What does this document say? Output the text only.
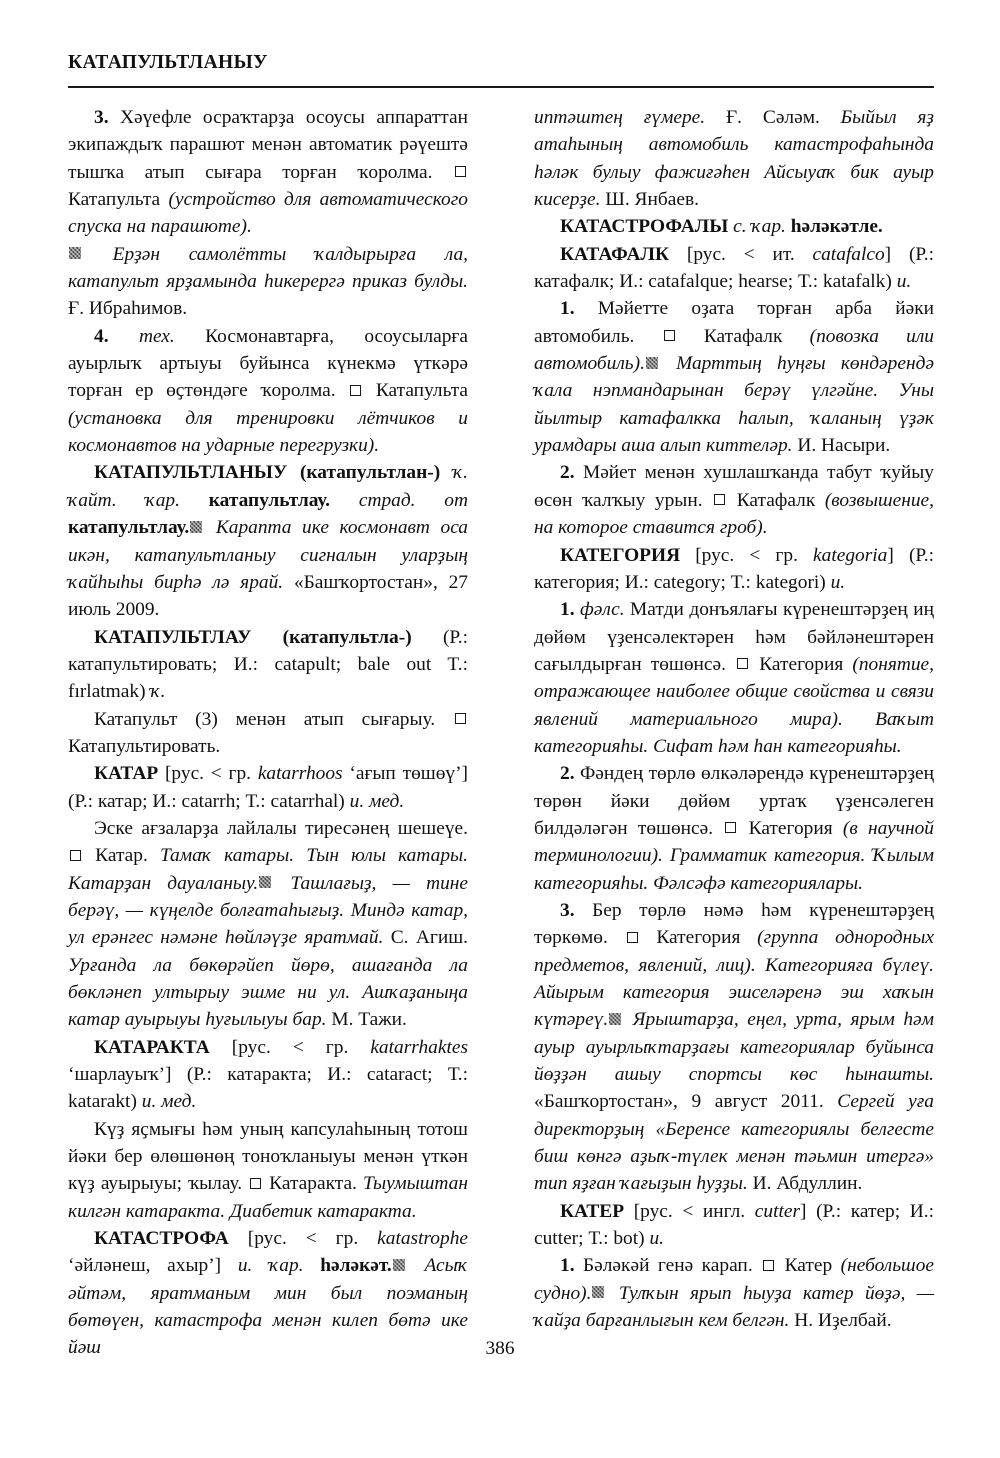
КАТАПУЛЬТЛАНЫУ

3. Хәүефле осраҡтарҙа осоусы аппараттан экипаждыҡ парашют менән автоматик рәүештә тышҡа атып сығара торған ҡоролма.  Катапульта (устройство для автоматического спуска на парашюте).
Ерҙән самолётты ҡалдырырға ла, катапульт ярҙамында һикерергә приказ булды. Ғ. Ибраһимов.

4. тех. Космонавтарға, осоусыларға ауырлыҡ артыуы буйынса күнекмә үткәрә торған ер өҫтөндәге ҡоролма.  Катапульта (установка для тренировки лётчиков и космонавтов на ударные перегрузки).

КАТАПУЛЬТЛАНЫУ (катапультлан-) ҡ. ҡайт. ҡар. катапультлау. страд. от катапультлау. Карапта ике космонавт оса икән, катапультланыу сигналын уларҙың ҡайһыһы бирһә лә ярай. «Башҡортостан», 27 июль 2009.

КАТАПУЛЬТЛАУ (катапультла-) (Р.: катапультировать; И.: catapult; bale out T.: fırlatmak) ҡ.

Катапульт (3) менән атып сығарыу.  Катапультировать.

КАТАР [рус. < гр. katarrhoos ‘ағып төшөү’] (Р.: катар; И.: catarrh; Т.: catarrhal) и. мед.

Эске ағзаларҙа лайлалы тиресәнең шешеүе.  Катар. Тамаҡ катары. Тын юлы катары. Катарҙан дауаланыу. Ташлағыҙ, — тине берәү, — күңелде болғатаһығыҙ. Миндә катар, ул ерәнгес нәмәне һөйләүҙе яратмай. С. Агиш. Урғанда ла бөкөрәйеп йөрө, ашағанда ла бөкләнеп ултырыу эшме ни ул. Ашҡаҙаныңа катар ауырыуы һуғылыуы бар. М. Тажи.

КАТАРАКТА [рус. < гр. katarrhaktes ‘шарлауыҡ’] (Р.: катаракта; И.: cataract; Т.: katarakt) и. мед.

Күҙ яҫмығы һәм уның капсулаһының тотош йәки бер өлөшөнөң тоноҡланыуы менән үткән күҙ ауырыуы; ҡылау.  Катаракта. Тыумыштан килгән катаракта. Диабетик катаракта.

КАТАСТРОФА [рус. < гр. katastrophe ‘әйләнеш, ахыр’] и. ҡар. һәләкәт. Асыҡ әйтәм, яратманым мин был поэманың бөтөүен, катастрофа менән килеп бөтә ике йәш

иптәштең ғүмере. Ғ. Сәләм. Быйыл яҙ атаһының автомобиль катастрофаһында һәләк булыу фажиғәһен Айсыуаҡ бик ауыр кисерҙе. Ш. Янбаев.

КАТАСТРОФАЛЫ с. ҡар. һәләкәтле.

КАТАФАЛК [рус. < ит. catafalco] (Р.: катафалк; И.: catafalque; hearse; Т.: katafalk) и.

1. Мәйетте оҙата торған арба йәки автомобиль.  Катафалк (повозка или автомобиль). Марттың һуңғы көндәрендә ҡала нэпмандарынан берәү үлгәйне. Уны йылтыр катафалкка һалып, ҡаланың үҙәк урамдары аша алып киттеләр. И. Насыри.

2. Мәйет менән хушлашҡанда табут ҡуйыу өсөн ҡалҡыу урын.  Катафалк (возвышение, на которое ставится гроб).

КАТЕГОРИЯ [рус. < гр. kategoria] (Р.: категория; И.: category; Т.: kategori) и.

1. фәлс. Матди донъялағы күренештәрҙең иң дөйөм үҙенсәлектәрен һәм бәйләнештәрен сағылдырған төшөнсә.  Категория (понятие, отражающее наиболее общие свойства и связи явлений материального мира). Ваҡыт категорияһы. Сифат һәм һан категорияһы.

2. Фәндең төрлө өлкәләрендә күренештәрҙең төрөн йәки дөйөм уртаҡ үҙенсәлеген билдәләгән төшөнсә.  Категория (в научной терминологии). Грамматик категория. Ҡылым категорияһы. Фәлсәфә категориялары.

3. Бер төрлө нәмә һәм күренештәрҙең төркөмө.  Категория (группа однородных предметов, явлений, лиц). Категорияға бүлеү. Айырым категория эшселәренә эш хаҡын күтәреү. Ярыштарҙа, еңел, урта, ярым һәм ауыр ауырлыҡтарҙағы категориялар буйынса йөҙҙән ашыу спортсы көс һынашты. «Башҡортостан», 9 август 2011. Сергей уға директорҙың «Беренсе категориялы белгесте биш көнгә аҙыҡ-түлек менән тәьмин итергә» тип яҙған ҡағыҙын һуҙҙы. И. Абдуллин.

КАТЕР [рус. < ингл. cutter] (Р.: катер; И.: cutter; Т.: bot) и.

1. Бәләкәй генә карап.  Катер (небольшое судно). Тулҡын ярып һыуҙа катер йөҙә, — ҡайҙа барғанлығын кем белгән. Н. Иҙелбай.

386
